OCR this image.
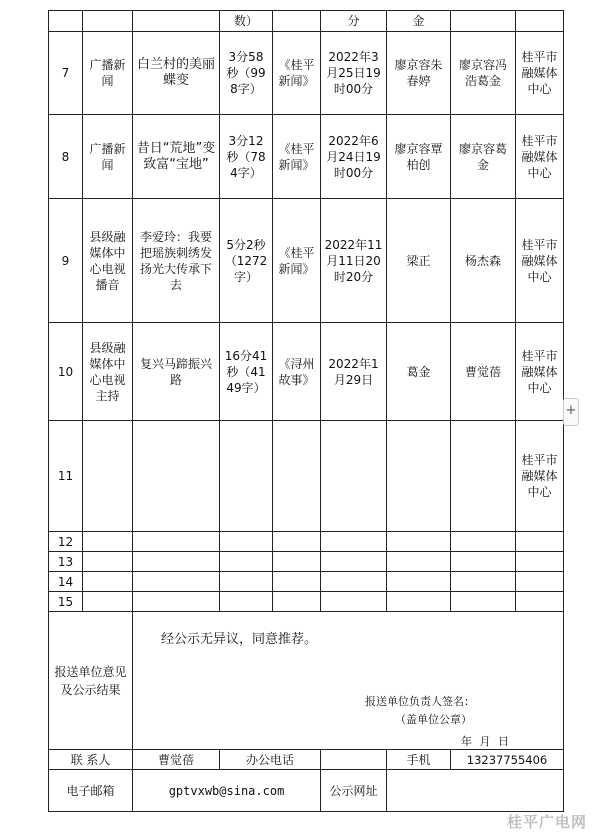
			数）		分	金		
7	广播新闻	白兰村的美丽蝶变	3分58秒（998字）	《桂平新闻》	2022年3月25日19时00分	廖京容朱春婷	廖京容冯浩葛金	桂平市融媒体中心
8	广播新闻	昔日“荒地”变致富“宝地”	3分12秒（784字）	《桂平新闻》	2022年6月24日19时00分	廖京容覃柏创	廖京容葛金	桂平市融媒体中心
9	县级融媒体中心电视播音	李爱玲：我要把瑶族刺绣发扬光大传承下去	5分2秒（1272字）	《桂平新闻》	2022年11月11日20时20分	梁正	杨杰森	桂平市融媒体中心
10	县级融媒体中心电视主持	复兴马蹄振兴路	16分41秒（4149字）	《浔州故事》	2022年1月29日	葛金	曹觉蓓	桂平市融媒体中心
11								桂平市融媒体中心
12								
13								
14								
15								
报送单位意见及公示结果		经公示无异议，同意推荐。
报送单位负责人签名：
（盖单位公章）
年 月 日						

联 系人		曹觉蓓	办公电话			手机	13237755406	
电子邮箱		gptvxwb@sina.com			公示网址			
+
桂平广电网
